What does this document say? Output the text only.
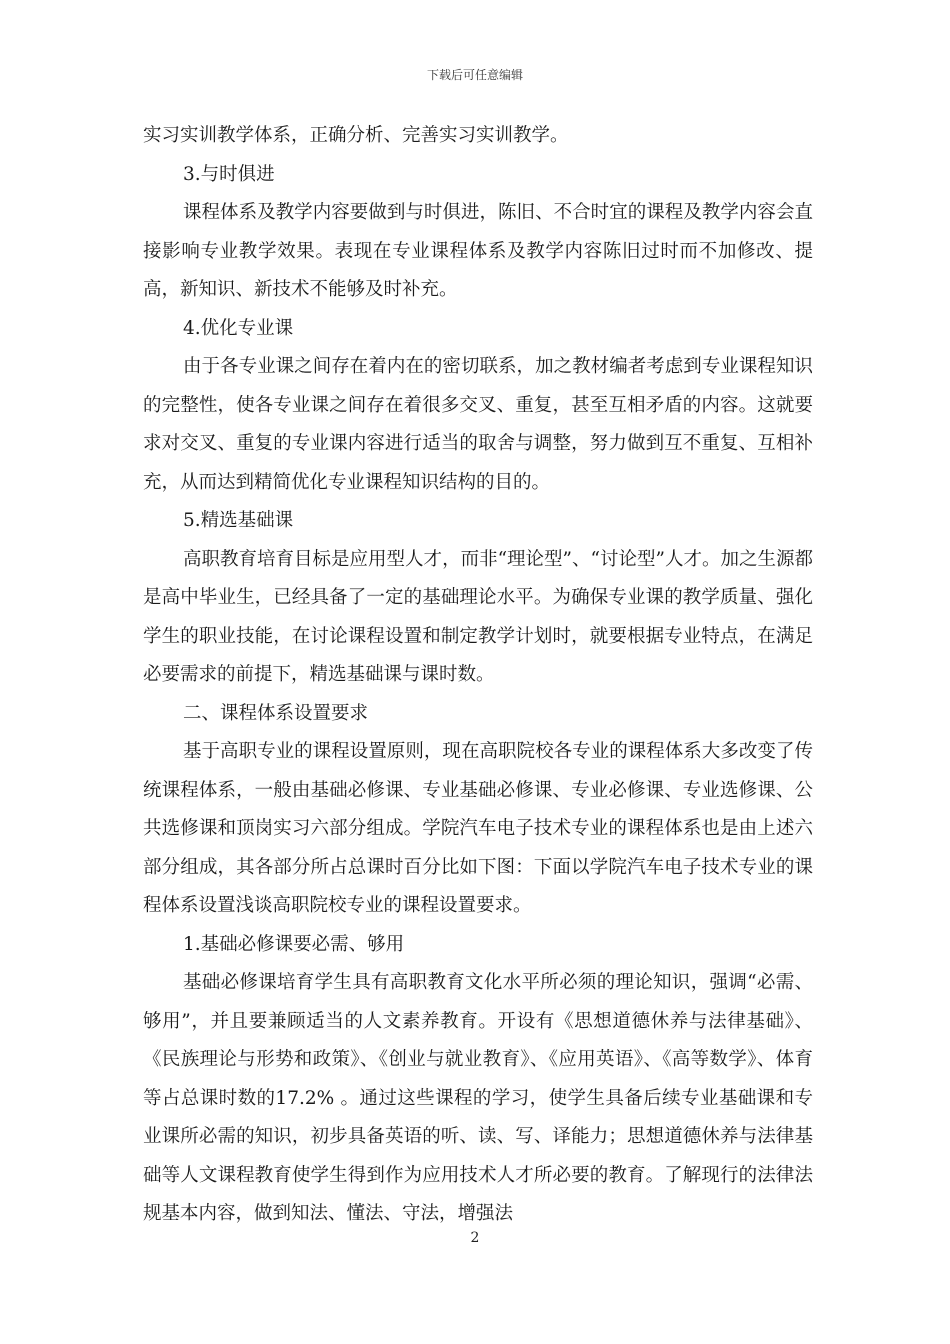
下载后可任意编辑

实习实训教学体系，正确分析、完善实习实训教学。

3.与时俱进

课程体系及教学内容要做到与时俱进，陈旧、不合时宜的课程及教学内容会直接影响专业教学效果。表现在专业课程体系及教学内容陈旧过时而不加修改、提高，新知识、新技术不能够及时补充。

4.优化专业课

由于各专业课之间存在着内在的密切联系，加之教材编者考虑到专业课程知识的完整性，使各专业课之间存在着很多交叉、重复，甚至互相矛盾的内容。这就要求对交叉、重复的专业课内容进行适当的取舍与调整，努力做到互不重复、互相补充，从而达到精简优化专业课程知识结构的目的。

5.精选基础课

高职教育培育目标是应用型人才，而非“理论型”、“讨论型”人才。加之生源都是高中毕业生，已经具备了一定的基础理论水平。为确保专业课的教学质量、强化学生的职业技能，在讨论课程设置和制定教学计划时，就要根据专业特点，在满足必要需求的前提下，精选基础课与课时数。

二、课程体系设置要求

基于高职专业的课程设置原则，现在高职院校各专业的课程体系大多改变了传统课程体系，一般由基础必修课、专业基础必修课、专业必修课、专业选修课、公共选修课和顶岗实习六部分组成。学院汽车电子技术专业的课程体系也是由上述六部分组成，其各部分所占总课时百分比如下图：下面以学院汽车电子技术专业的课程体系设置浅谈高职院校专业的课程设置要求。

1.基础必修课要必需、够用

基础必修课培育学生具有高职教育文化水平所必须的理论知识，强调“必需、够用”，并且要兼顾适当的人文素养教育。开设有《思想道德休养与法律基础》、《民族理论与形势和政策》、《创业与就业教育》、《应用英语》、《高等数学》、体育等占总课时数的17.2% 。通过这些课程的学习，使学生具备后续专业基础课和专业课所必需的知识，初步具备英语的听、读、写、译能力；思想道德休养与法律基础等人文课程教育使学生得到作为应用技术人才所必要的教育。了解现行的法律法规基本内容，做到知法、懂法、守法，增强法

2
